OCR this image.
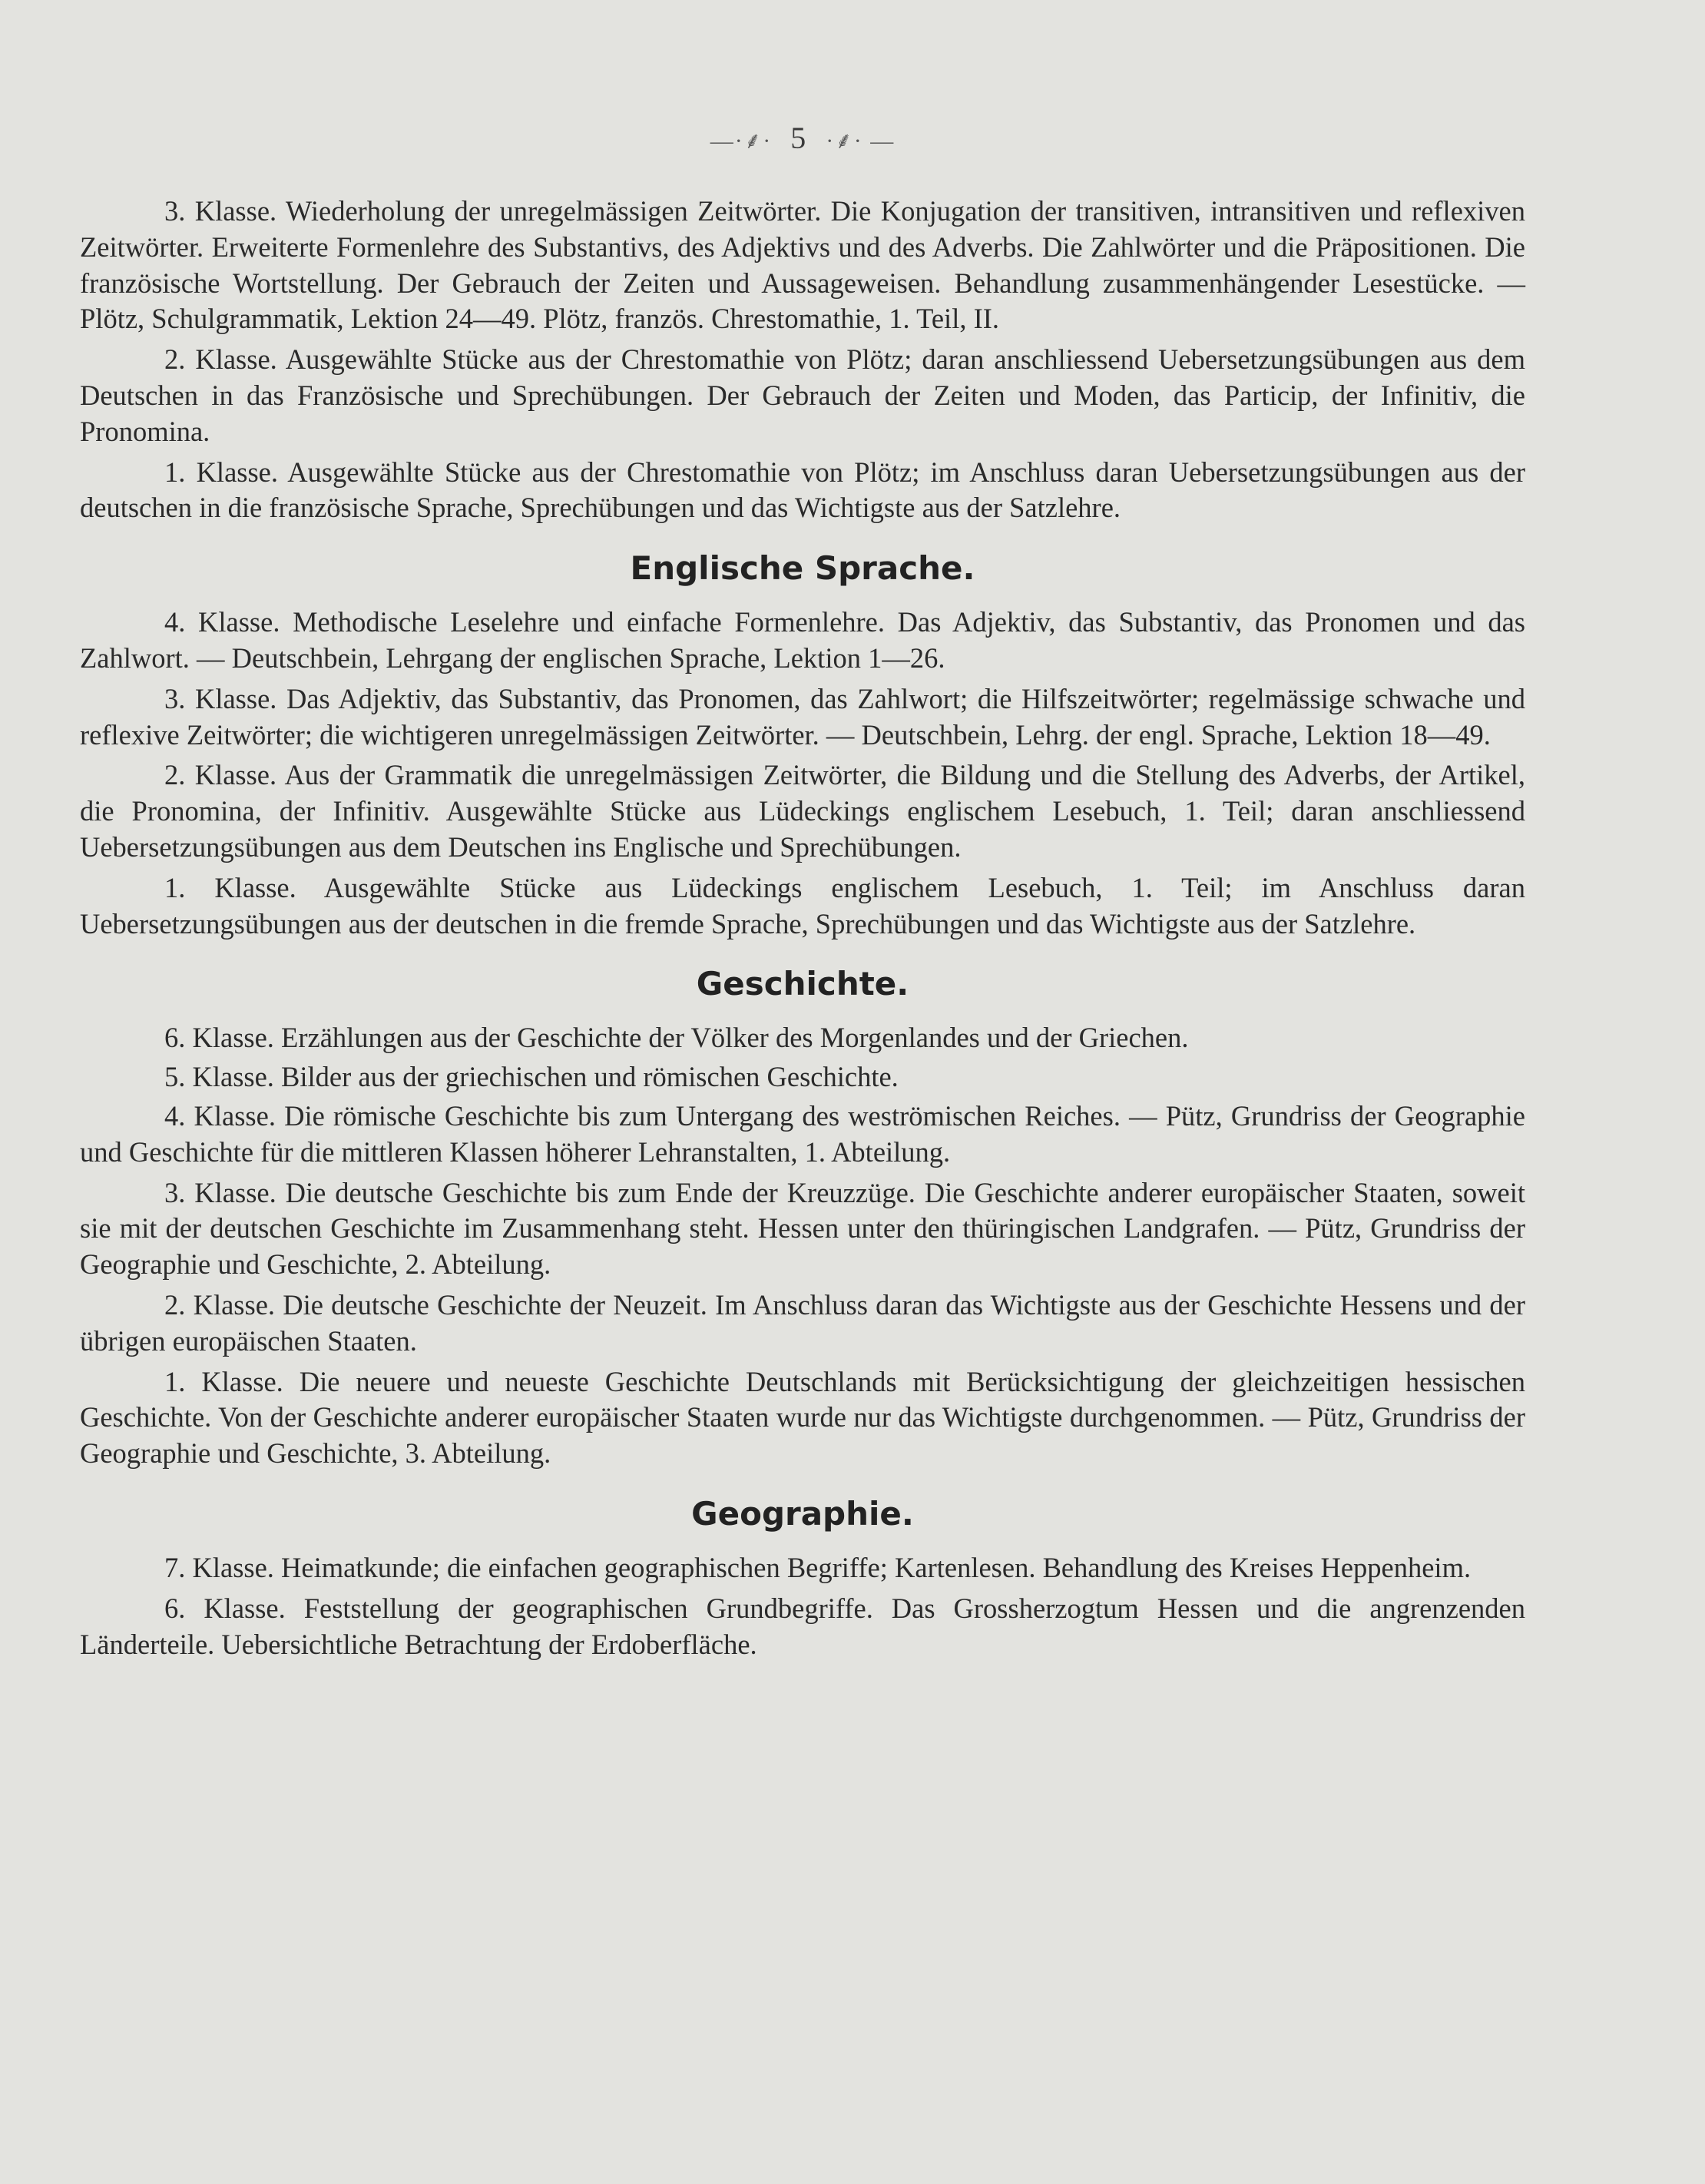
—·⸙· 5 ·⸙· —

3. Klasse. Wiederholung der unregelmässigen Zeitwörter. Die Konjugation der transitiven, intransitiven und reflexiven Zeitwörter. Erweiterte Formenlehre des Substantivs, des Adjektivs und des Adverbs. Die Zahlwörter und die Präpositionen. Die französische Wortstellung. Der Gebrauch der Zeiten und Aussageweisen. Behandlung zusammenhängender Lesestücke. — Plötz, Schulgrammatik, Lektion 24—49. Plötz, französ. Chrestomathie, 1. Teil, II.

2. Klasse. Ausgewählte Stücke aus der Chrestomathie von Plötz; daran anschliessend Uebersetzungsübungen aus dem Deutschen in das Französische und Sprechübungen. Der Gebrauch der Zeiten und Moden, das Particip, der Infinitiv, die Pronomina.

1. Klasse. Ausgewählte Stücke aus der Chrestomathie von Plötz; im Anschluss daran Uebersetzungsübungen aus der deutschen in die französische Sprache, Sprechübungen und das Wichtigste aus der Satzlehre.

Englische Sprache.

4. Klasse. Methodische Leselehre und einfache Formenlehre. Das Adjektiv, das Substantiv, das Pronomen und das Zahlwort. — Deutschbein, Lehrgang der englischen Sprache, Lektion 1—26.

3. Klasse. Das Adjektiv, das Substantiv, das Pronomen, das Zahlwort; die Hilfszeitwörter; regelmässige schwache und reflexive Zeitwörter; die wichtigeren unregelmässigen Zeitwörter. — Deutschbein, Lehrg. der engl. Sprache, Lektion 18—49.

2. Klasse. Aus der Grammatik die unregelmässigen Zeitwörter, die Bildung und die Stellung des Adverbs, der Artikel, die Pronomina, der Infinitiv. Ausgewählte Stücke aus Lüdeckings englischem Lesebuch, 1. Teil; daran anschliessend Uebersetzungsübungen aus dem Deutschen ins Englische und Sprechübungen.

1. Klasse. Ausgewählte Stücke aus Lüdeckings englischem Lesebuch, 1. Teil; im Anschluss daran Uebersetzungsübungen aus der deutschen in die fremde Sprache, Sprechübungen und das Wichtigste aus der Satzlehre.

Geschichte.

6. Klasse. Erzählungen aus der Geschichte der Völker des Morgenlandes und der Griechen.

5. Klasse. Bilder aus der griechischen und römischen Geschichte.

4. Klasse. Die römische Geschichte bis zum Untergang des weströmischen Reiches. — Pütz, Grundriss der Geographie und Geschichte für die mittleren Klassen höherer Lehranstalten, 1. Abteilung.

3. Klasse. Die deutsche Geschichte bis zum Ende der Kreuzzüge. Die Geschichte anderer europäischer Staaten, soweit sie mit der deutschen Geschichte im Zusammenhang steht. Hessen unter den thüringischen Landgrafen. — Pütz, Grundriss der Geographie und Geschichte, 2. Abteilung.

2. Klasse. Die deutsche Geschichte der Neuzeit. Im Anschluss daran das Wichtigste aus der Geschichte Hessens und der übrigen europäischen Staaten.

1. Klasse. Die neuere und neueste Geschichte Deutschlands mit Berücksichtigung der gleichzeitigen hessischen Geschichte. Von der Geschichte anderer europäischer Staaten wurde nur das Wichtigste durchgenommen. — Pütz, Grundriss der Geographie und Geschichte, 3. Abteilung.

Geographie.

7. Klasse. Heimatkunde; die einfachen geographischen Begriffe; Kartenlesen. Behandlung des Kreises Heppenheim.

6. Klasse. Feststellung der geographischen Grundbegriffe. Das Grossherzogtum Hessen und die angrenzenden Länderteile. Uebersichtliche Betrachtung der Erdoberfläche.
